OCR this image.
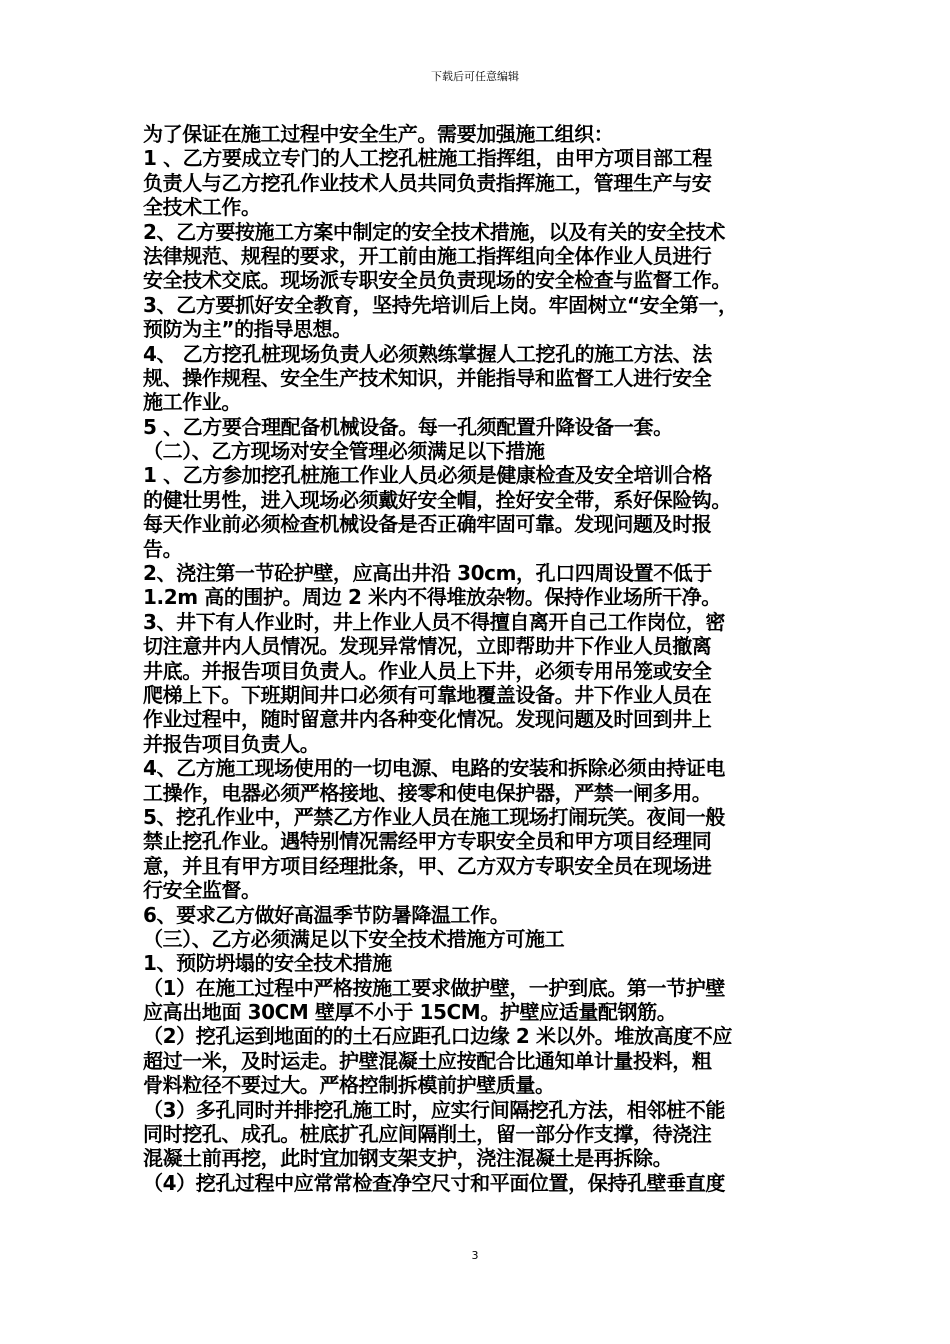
下载后可任意编辑
为了保证在施工过程中安全生产。需要加强施工组织：
1 、乙方要成立专门的人工挖孔桩施工指挥组，由甲方项目部工程
负责人与乙方挖孔作业技术人员共同负责指挥施工，管理生产与安
全技术工作。
2、乙方要按施工方案中制定的安全技术措施，以及有关的安全技术
法律规范、规程的要求，开工前由施工指挥组向全体作业人员进行
安全技术交底。现场派专职安全员负责现场的安全检查与监督工作。
3、乙方要抓好安全教育，坚持先培训后上岗。牢固树立“安全第一，
预防为主”的指导思想。
4、 乙方挖孔桩现场负责人必须熟练掌握人工挖孔的施工方法、法
规、操作规程、安全生产技术知识，并能指导和监督工人进行安全
施工作业。
5 、乙方要合理配备机械设备。每一孔须配置升降设备一套。
（二）、乙方现场对安全管理必须满足以下措施
1 、乙方参加挖孔桩施工作业人员必须是健康检查及安全培训合格
的健壮男性，进入现场必须戴好安全帽，拴好安全带，系好保险钩。
每天作业前必须检查机械设备是否正确牢固可靠。发现问题及时报
告。
2、浇注第一节砼护壁，应高出井沿 30cm，孔口四周设置不低于
1.2m 高的围护。周边 2 米内不得堆放杂物。保持作业场所干净。
3、井下有人作业时，井上作业人员不得擅自离开自己工作岗位，密
切注意井内人员情况。发现异常情况，立即帮助井下作业人员撤离
井底。并报告项目负责人。作业人员上下井，必须专用吊笼或安全
爬梯上下。下班期间井口必须有可靠地覆盖设备。井下作业人员在
作业过程中，随时留意井内各种变化情况。发现问题及时回到井上
并报告项目负责人。
4、乙方施工现场使用的一切电源、电路的安装和拆除必须由持证电
工操作，电器必须严格接地、接零和使电保护器，严禁一闸多用。
5、挖孔作业中，严禁乙方作业人员在施工现场打闹玩笑。夜间一般
禁止挖孔作业。遇特别情况需经甲方专职安全员和甲方项目经理同
意，并且有甲方项目经理批条，甲、乙方双方专职安全员在现场进
行安全监督。
6、要求乙方做好高温季节防暑降温工作。
（三）、乙方必须满足以下安全技术措施方可施工
1、预防坍塌的安全技术措施
（1）在施工过程中严格按施工要求做护壁，一护到底。第一节护壁
应高出地面 30CM 壁厚不小于 15CM。护壁应适量配钢筋。
（2）挖孔运到地面的的土石应距孔口边缘 2 米以外。堆放高度不应
超过一米，及时运走。护壁混凝土应按配合比通知单计量投料，粗
骨料粒径不要过大。严格控制拆模前护壁质量。
（3）多孔同时并排挖孔施工时，应实行间隔挖孔方法，相邻桩不能
同时挖孔、成孔。桩底扩孔应间隔削土，留一部分作支撑，待浇注
混凝土前再挖，此时宜加钢支架支护，浇注混凝土是再拆除。
（4）挖孔过程中应常常检查净空尺寸和平面位置，保持孔壁垂直度
3
